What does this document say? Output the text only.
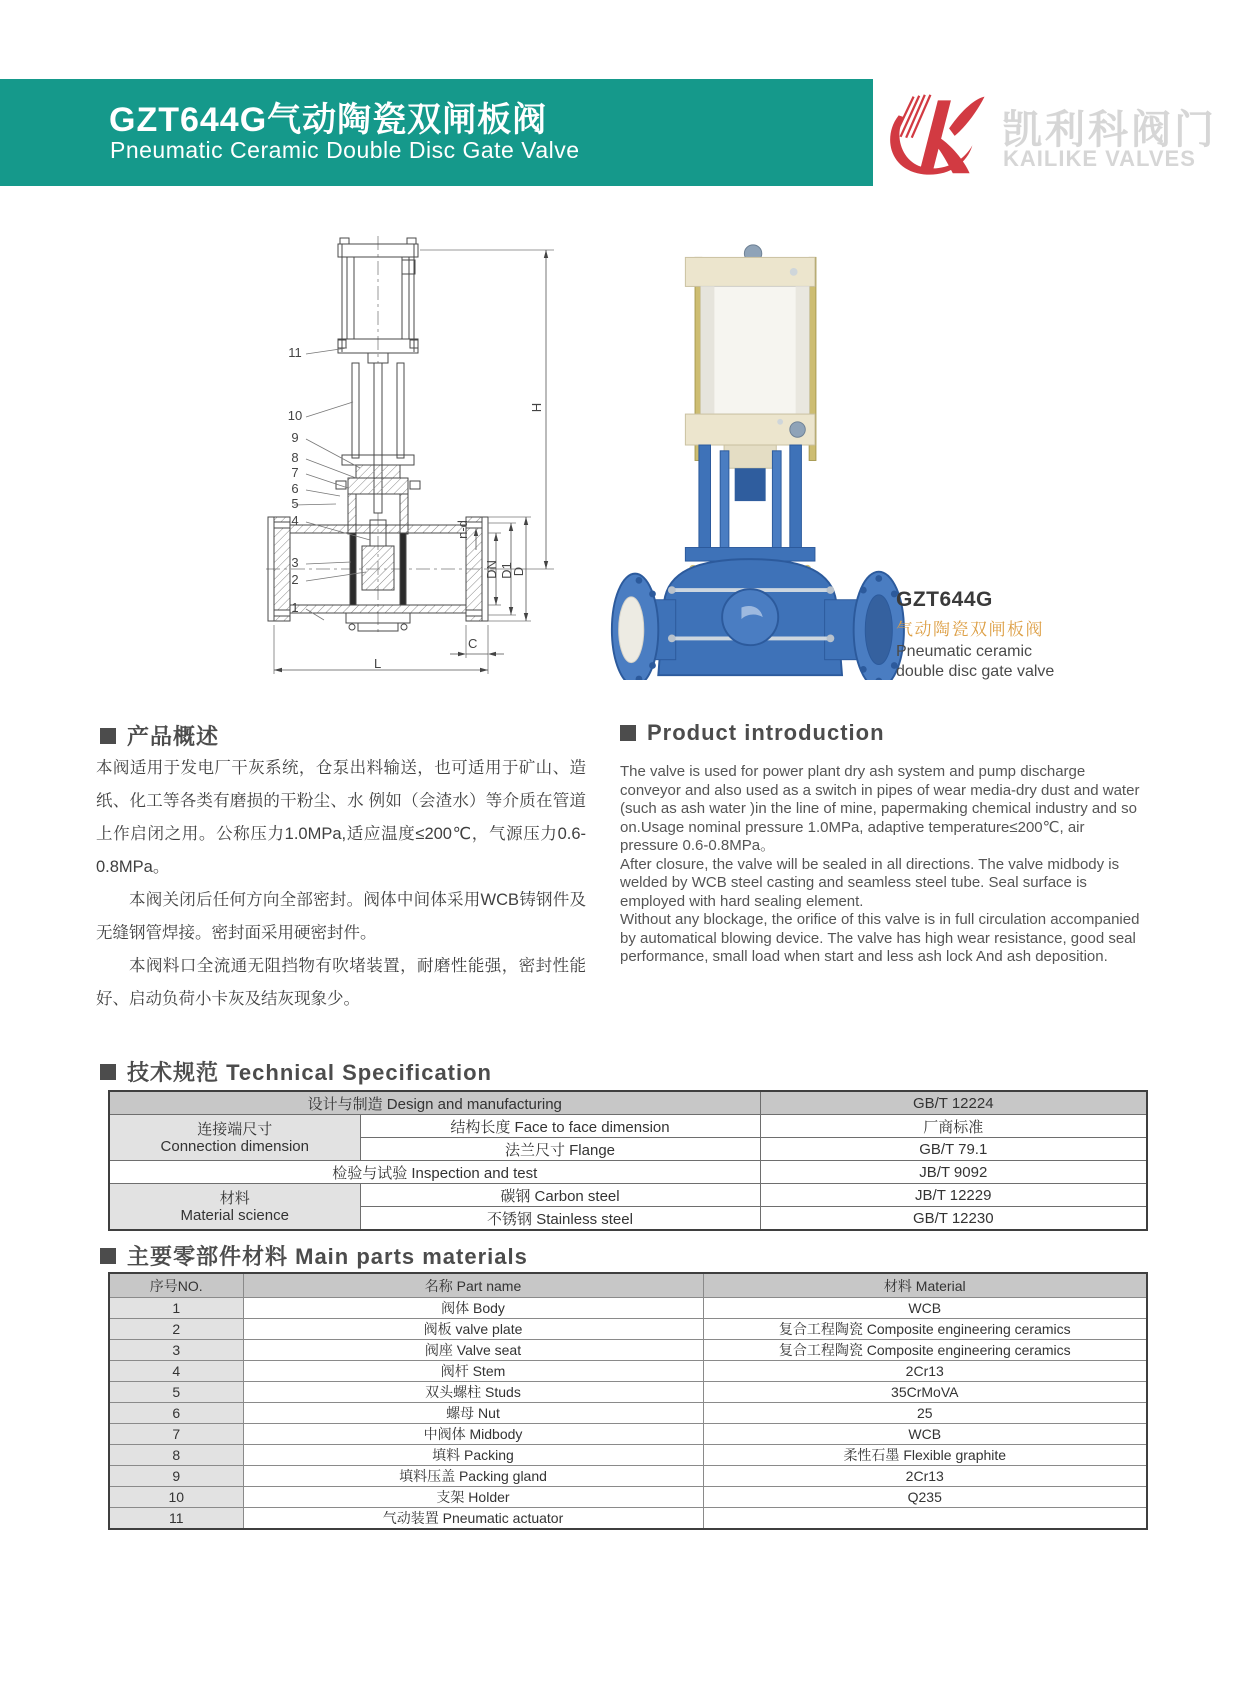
GZT644G气动陶瓷双闸板阀
Pneumatic Ceramic Double Disc Gate Valve	凯利科阀门
KAILIKE VALVES
11
10
9
8
7
6
5
4
3
2
1
H
n-d
DN D1
D
L
C
GZT644G
气动陶瓷双闸板阀
Pneumatic ceramic
double disc gate valve
产品概述

本阀适用于发电厂干灰系统，仓泵出料输送，也可适用于矿山、造纸、化工等各类有磨损的干粉尘、水 例如（会渣水）等介质在管道上作启闭之用。公称压力1.0MPa,适应温度≤200℃，气源压力0.6-0.8MPa。

本阀关闭后任何方向全部密封。阀体中间体采用WCB铸钢件及无缝钢管焊接。密封面采用硬密封件。

本阀料口全流通无阻挡物有吹堵装置，耐磨性能强，密封性能好、启动负荷小卡灰及结灰现象少。

Product introduction

The valve is used for power plant dry ash system and pump discharge conveyor and also used as a switch in pipes of wear media-dry dust and water (such as ash water )in the line of mine, papermaking chemical industry and so on.Usage nominal pressure 1.0MPa, adaptive temperature≤200℃, air pressure 0.6-0.8MPa。

After closure, the valve will be sealed in all directions. The valve midbody is welded by WCB steel casting and seamless steel tube. Seal surface is employed with hard sealing element.

Without any blockage, the orifice of this valve is in full circulation accompanied by automatical blowing device. The valve has high wear resistance, good seal performance, small load when start and less ash lock And ash deposition.

技术规范 Technical Specification
设计与制造 Design and manufacturing		GB/T 12224

连接端尺寸
Connection dimension	结构长度 Face to face dimension	厂商标准
	法兰尺寸 Flange	GB/T 79.1
检验与试验 Inspection and test		JB/T 9092

材料
Material science	碳钢 Carbon steel	JB/T 12229
	不锈钢 Stainless steel	GB/T 12230
主要零部件材料 Main parts materials
序号NO.	名称 Part name	材料 Material
1	阀体 Body	WCB
2	阀板 valve plate	复合工程陶瓷 Composite engineering ceramics
3	阀座 Valve seat	复合工程陶瓷 Composite engineering ceramics
4	阀杆 Stem	2Cr13
5	双头螺柱 Studs	35CrMoVA
6	螺母 Nut	25
7	中阀体 Midbody	WCB
8	填料 Packing	柔性石墨 Flexible graphite
9	填料压盖 Packing gland	2Cr13
10	支架 Holder	Q235
11	气动装置 Pneumatic actuator	
